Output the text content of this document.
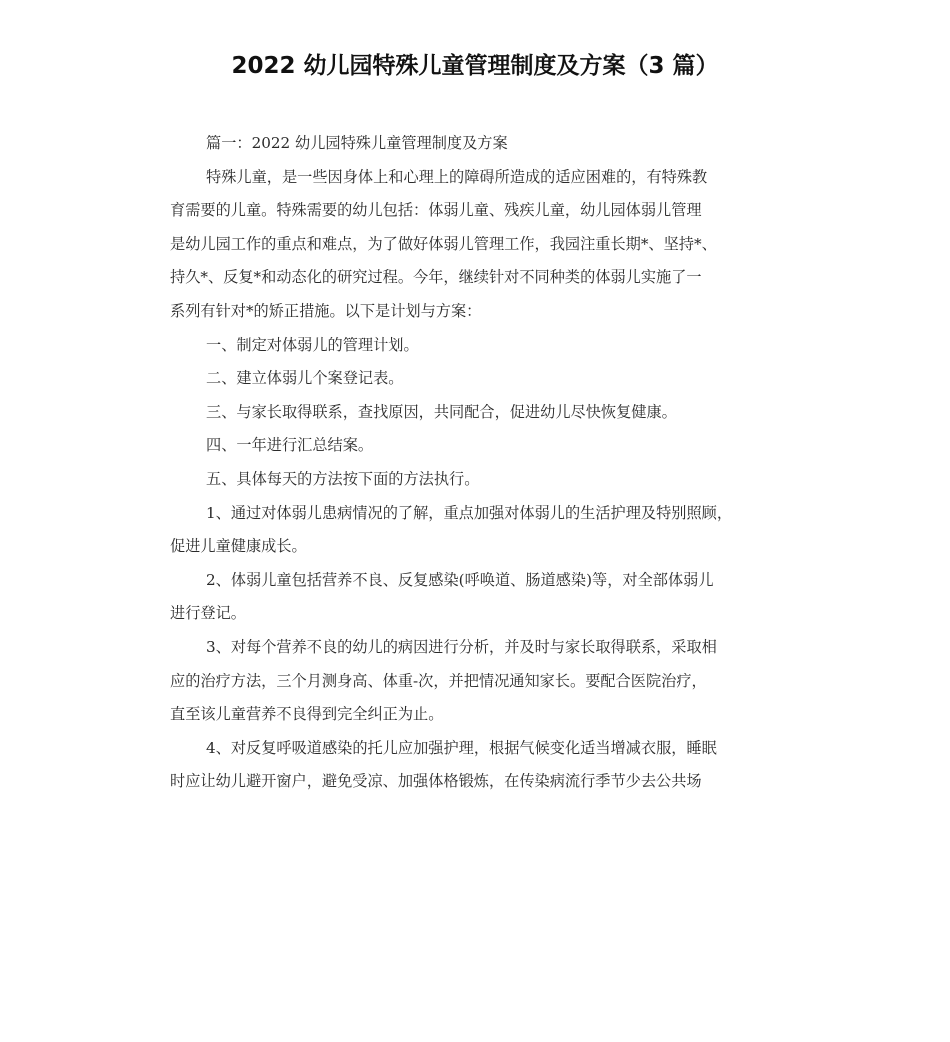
2022 幼儿园特殊儿童管理制度及方案（3 篇）
篇一：2022 幼儿园特殊儿童管理制度及方案
特殊儿童，是一些因身体上和心理上的障碍所造成的适应困难的，有特殊教
育需要的儿童。特殊需要的幼儿包括：体弱儿童、残疾儿童，幼儿园体弱儿管理
是幼儿园工作的重点和难点，为了做好体弱儿管理工作，我园注重长期*、坚持*、
持久*、反复*和动态化的研究过程。今年，继续针对不同种类的体弱儿实施了一
系列有针对*的矫正措施。以下是计划与方案：
一、制定对体弱儿的管理计划。
二、建立体弱儿个案登记表。
三、与家长取得联系，查找原因，共同配合，促进幼儿尽快恢复健康。
四、一年进行汇总结案。
五、具体每天的方法按下面的方法执行。
1、通过对体弱儿患病情况的了解，重点加强对体弱儿的生活护理及特别照顾，
促进儿童健康成长。
2、体弱儿童包括营养不良、反复感染(呼唤道、肠道感染)等，对全部体弱儿
进行登记。
3、对每个营养不良的幼儿的病因进行分析，并及时与家长取得联系，采取相
应的治疗方法，三个月测身高、体重-次，并把情况通知家长。要配合医院治疗，
直至该儿童营养不良得到完全纠正为止。
4、对反复呼吸道感染的托儿应加强护理，根据气候变化适当增减衣服，睡眠
时应让幼儿避开窗户，避免受凉、加强体格锻炼，在传染病流行季节少去公共场
